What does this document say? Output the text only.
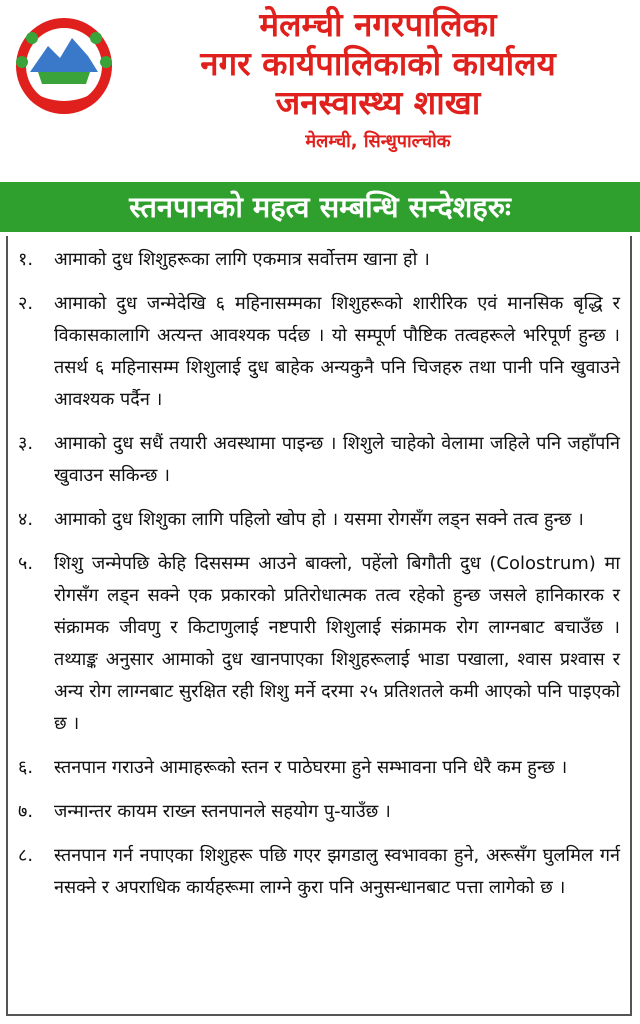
मेलम्ची नगरपालिका
नगर कार्यपालिकाको कार्यालय
जनस्वास्थ्य शाखा
मेलम्ची, सिन्धुपाल्चोक
स्तनपानको महत्व सम्बन्धि सन्देशहरुः
१.	आमाको दुध शिशुहरूका लागि एकमात्र सर्वोत्तम खाना हो ।
२.	आमाको दुध जन्मेदेखि ६ महिनासम्मका शिशुहरूको शारीरिक एवं मानसिक बृद्धि र विकासकालागि अत्यन्त आवश्यक पर्दछ । यो सम्पूर्ण पौष्टिक तत्वहरूले भरिपूर्ण हुन्छ । तसर्थ ६ महिनासम्म शिशुलाई दुध बाहेक अन्यकुनै पनि चिजहरु तथा पानी पनि खुवाउने आवश्यक पर्दैन ।
३.	आमाको दुध सधैं तयारी अवस्थामा पाइन्छ । शिशुले चाहेको वेलामा जहिले पनि जहाँपनि खुवाउन सकिन्छ ।
४.	आमाको दुध शिशुका लागि पहिलो खोप हो । यसमा रोगसँग लड्न सक्ने तत्व हुन्छ ।
५.	शिशु जन्मेपछि केहि दिससम्म आउने बाक्लो, पहेंलो बिगौती दुध (Colostrum) मा रोगसँग लड्न सक्ने एक प्रकारको प्रतिरोधात्मक तत्व रहेको हुन्छ जसले हानिकारक र संक्रामक जीवणु र किटाणुलाई नष्टपारी शिशुलाई संक्रामक रोग लाग्नबाट बचाउँछ । तथ्याङ्क अनुसार आमाको दुध खानपाएका शिशुहरूलाई भाडा पखाला, श्वास प्रश्वास र अन्य रोग लाग्नबाट सुरक्षित रही शिशु मर्ने दरमा २५ प्रतिशतले कमी आएको पनि पाइएको छ ।
६.	स्तनपान गराउने आमाहरूको स्तन र पाठेघरमा हुने सम्भावना पनि धेरै कम हुन्छ ।
७.	जन्मान्तर कायम राख्न स्तनपानले सहयोग पु-याउँछ ।
८.	स्तनपान गर्न नपाएका शिशुहरू पछि गएर झगडालु स्वभावका हुने, अरूसँग घुलमिल गर्न नसक्ने र अपराधिक कार्यहरूमा लाग्ने कुरा पनि अनुसन्धानबाट पत्ता लागेको छ ।
